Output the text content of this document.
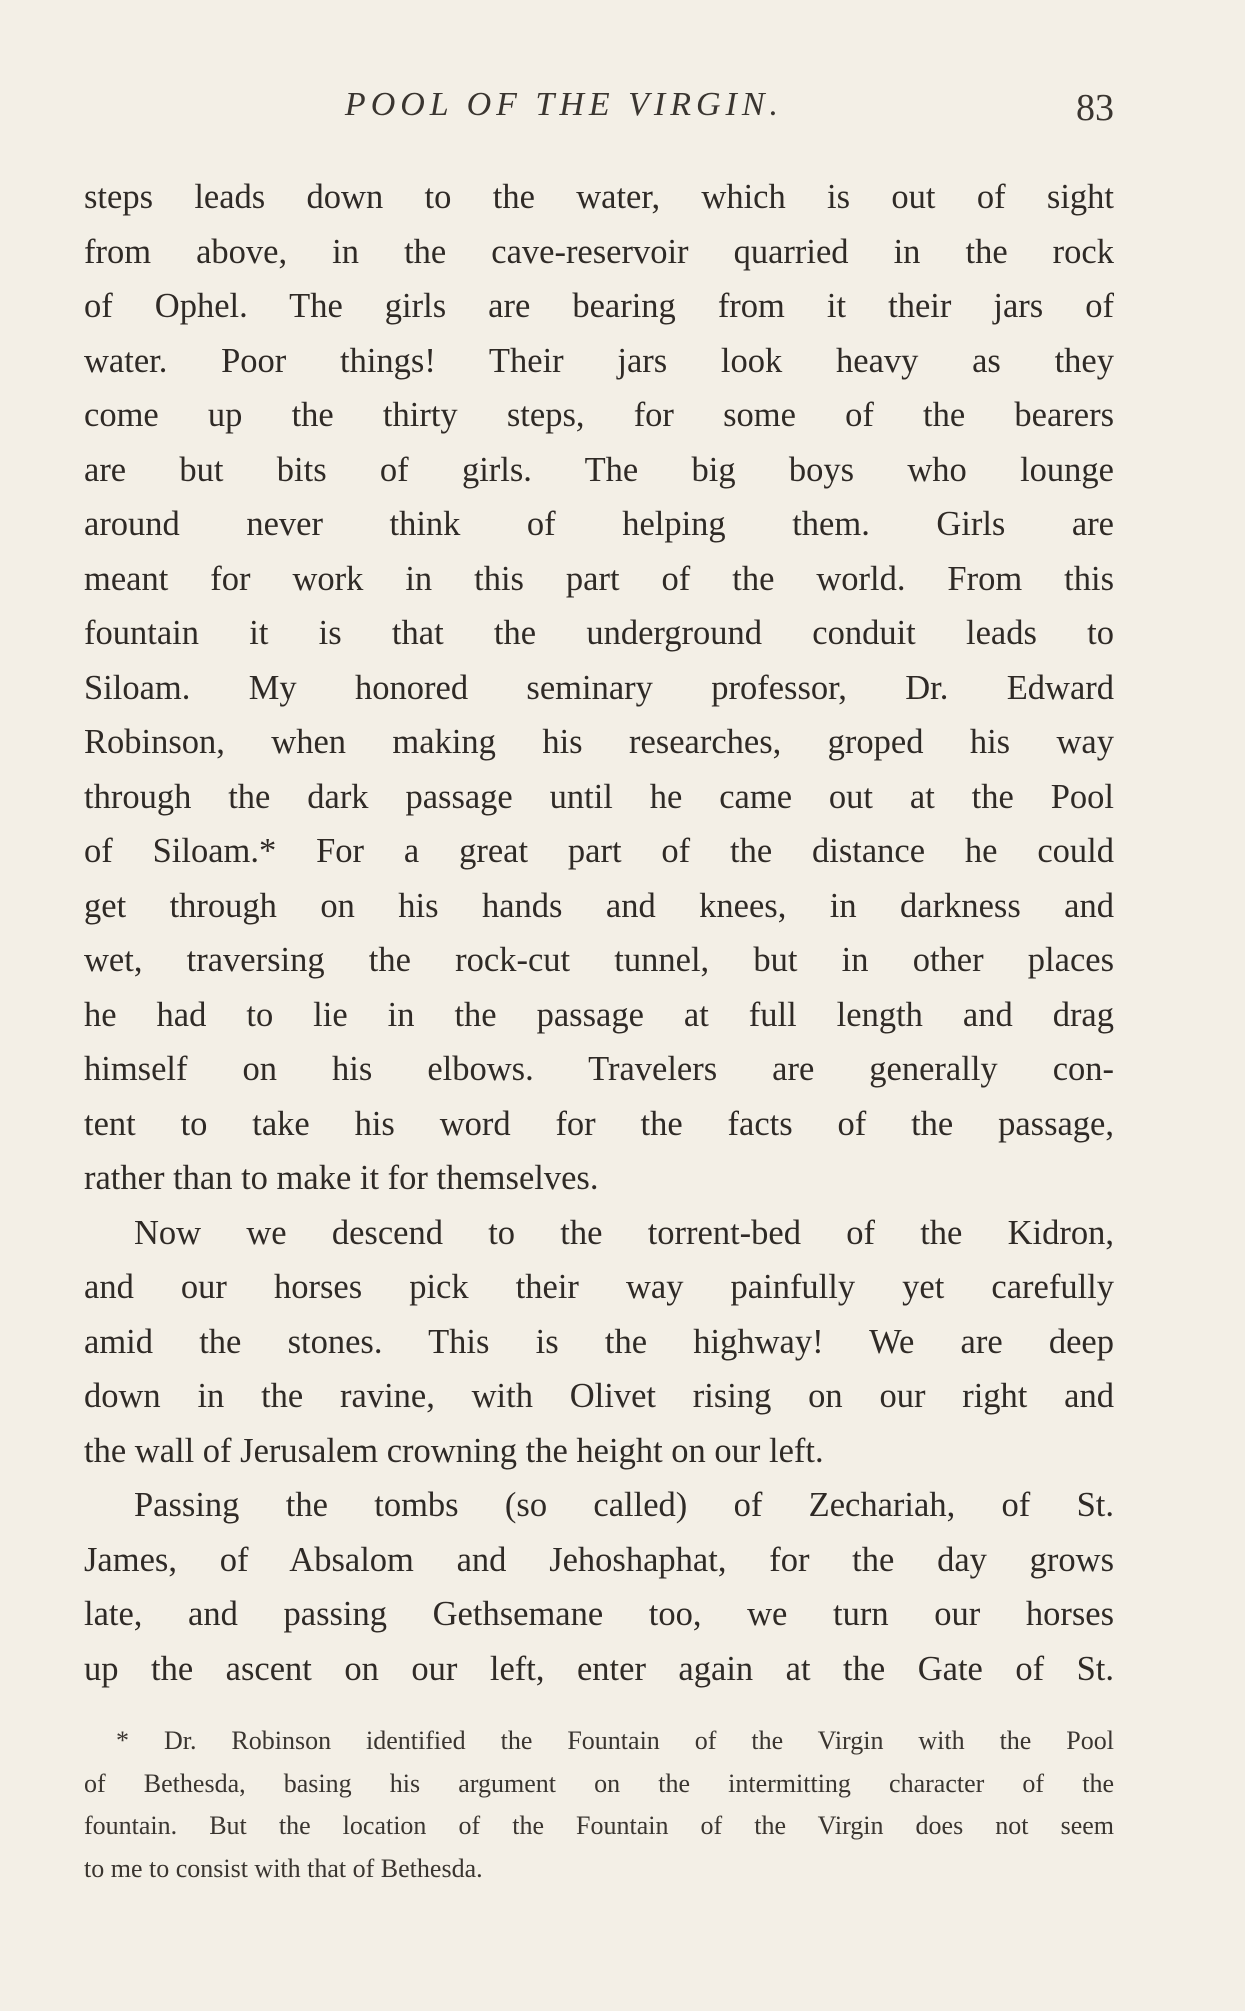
POOL OF THE VIRGIN.	83
steps leads down to the water, which is out of sight
from above, in the cave-reservoir quarried in the rock
of Ophel. The girls are bearing from it their jars of
water. Poor things! Their jars look heavy as they
come up the thirty steps, for some of the bearers
are but bits of girls. The big boys who lounge
around never think of helping them. Girls are
meant for work in this part of the world. From this
fountain it is that the underground conduit leads to
Siloam. My honored seminary professor, Dr. Edward
Robinson, when making his researches, groped his way
through the dark passage until he came out at the Pool
of Siloam.* For a great part of the distance he could
get through on his hands and knees, in darkness and
wet, traversing the rock-cut tunnel, but in other places
he had to lie in the passage at full length and drag
himself on his elbows. Travelers are generally con-
tent to take his word for the facts of the passage,
rather than to make it for themselves.
Now we descend to the torrent-bed of the Kidron,
and our horses pick their way painfully yet carefully
amid the stones. This is the highway! We are deep
down in the ravine, with Olivet rising on our right and
the wall of Jerusalem crowning the height on our left.
Passing the tombs (so called) of Zechariah, of St.
James, of Absalom and Jehoshaphat, for the day grows
late, and passing Gethsemane too, we turn our horses
up the ascent on our left, enter again at the Gate of St.
* Dr. Robinson identified the Fountain of the Virgin with the Pool
of Bethesda, basing his argument on the intermitting character of the
fountain. But the location of the Fountain of the Virgin does not seem
to me to consist with that of Bethesda.
